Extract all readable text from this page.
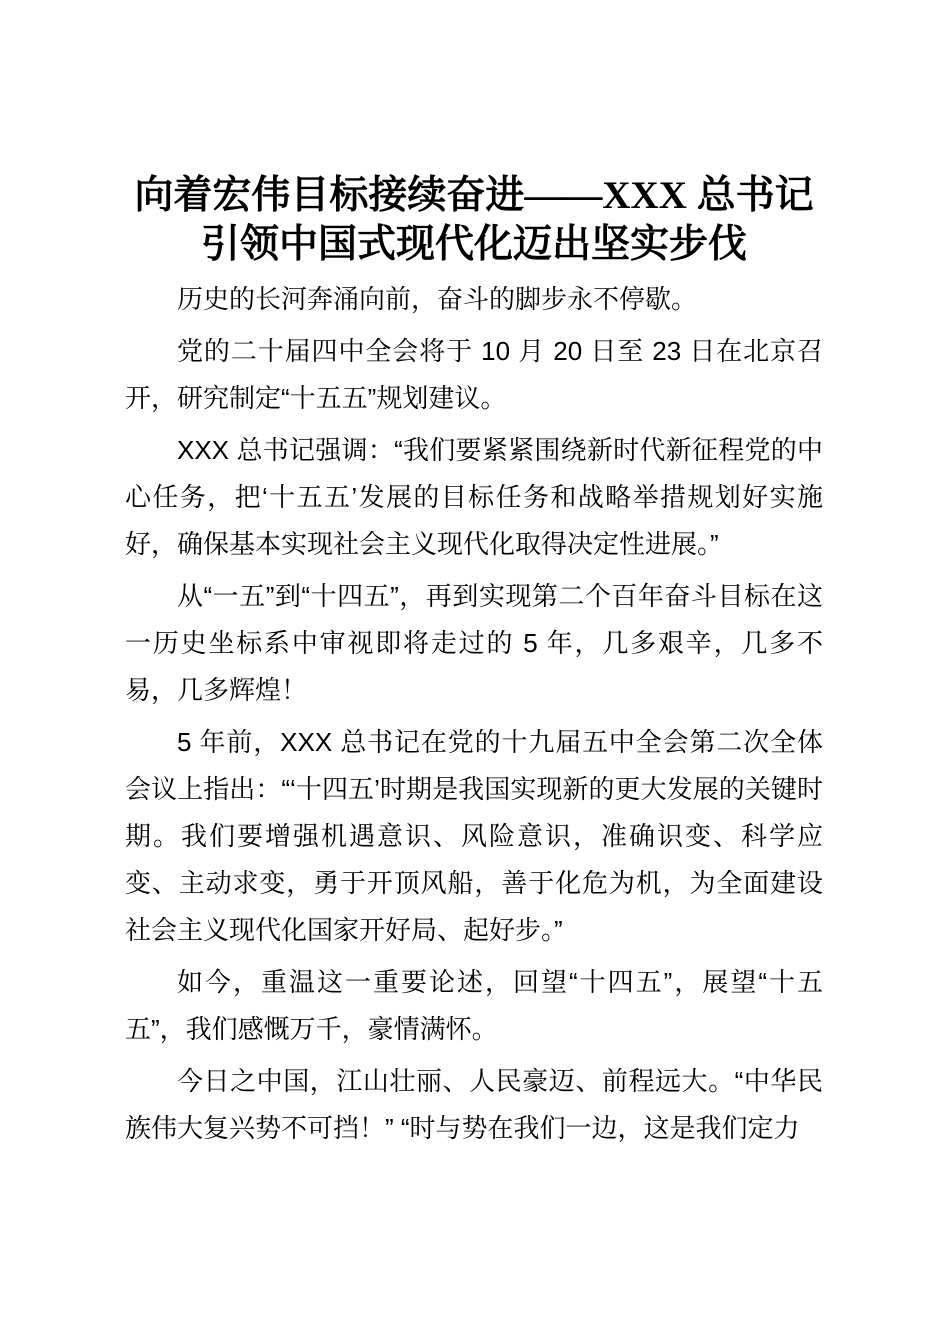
向着宏伟目标接续奋进——XXX 总书记
引领中国式现代化迈出坚实步伐

历史的长河奔涌向前，奋斗的脚步永不停歇。

党的二十届四中全会将于 10 月 20 日至 23 日在北京召开，研究制定“十五五”规划建议。

XXX 总书记强调：“我们要紧紧围绕新时代新征程党的中心任务，把‘十五五’发展的目标任务和战略举措规划好实施好，确保基本实现社会主义现代化取得决定性进展。”

从“一五”到“十四五”，再到实现第二个百年奋斗目标在这一历史坐标系中审视即将走过的 5 年，几多艰辛，几多不易，几多辉煌！

5 年前，XXX 总书记在党的十九届五中全会第二次全体会议上指出：“‘十四五’时期是我国实现新的更大发展的关键时期。我们要增强机遇意识、风险意识，准确识变、科学应变、主动求变，勇于开顶风船，善于化危为机，为全面建设社会主义现代化国家开好局、起好步。”

如今，重温这一重要论述，回望“十四五”，展望“十五五”，我们感慨万千，豪情满怀。

今日之中国，江山壮丽、人民豪迈、前程远大。“中华民族伟大复兴势不可挡！” “时与势在我们一边，这是我们定力
